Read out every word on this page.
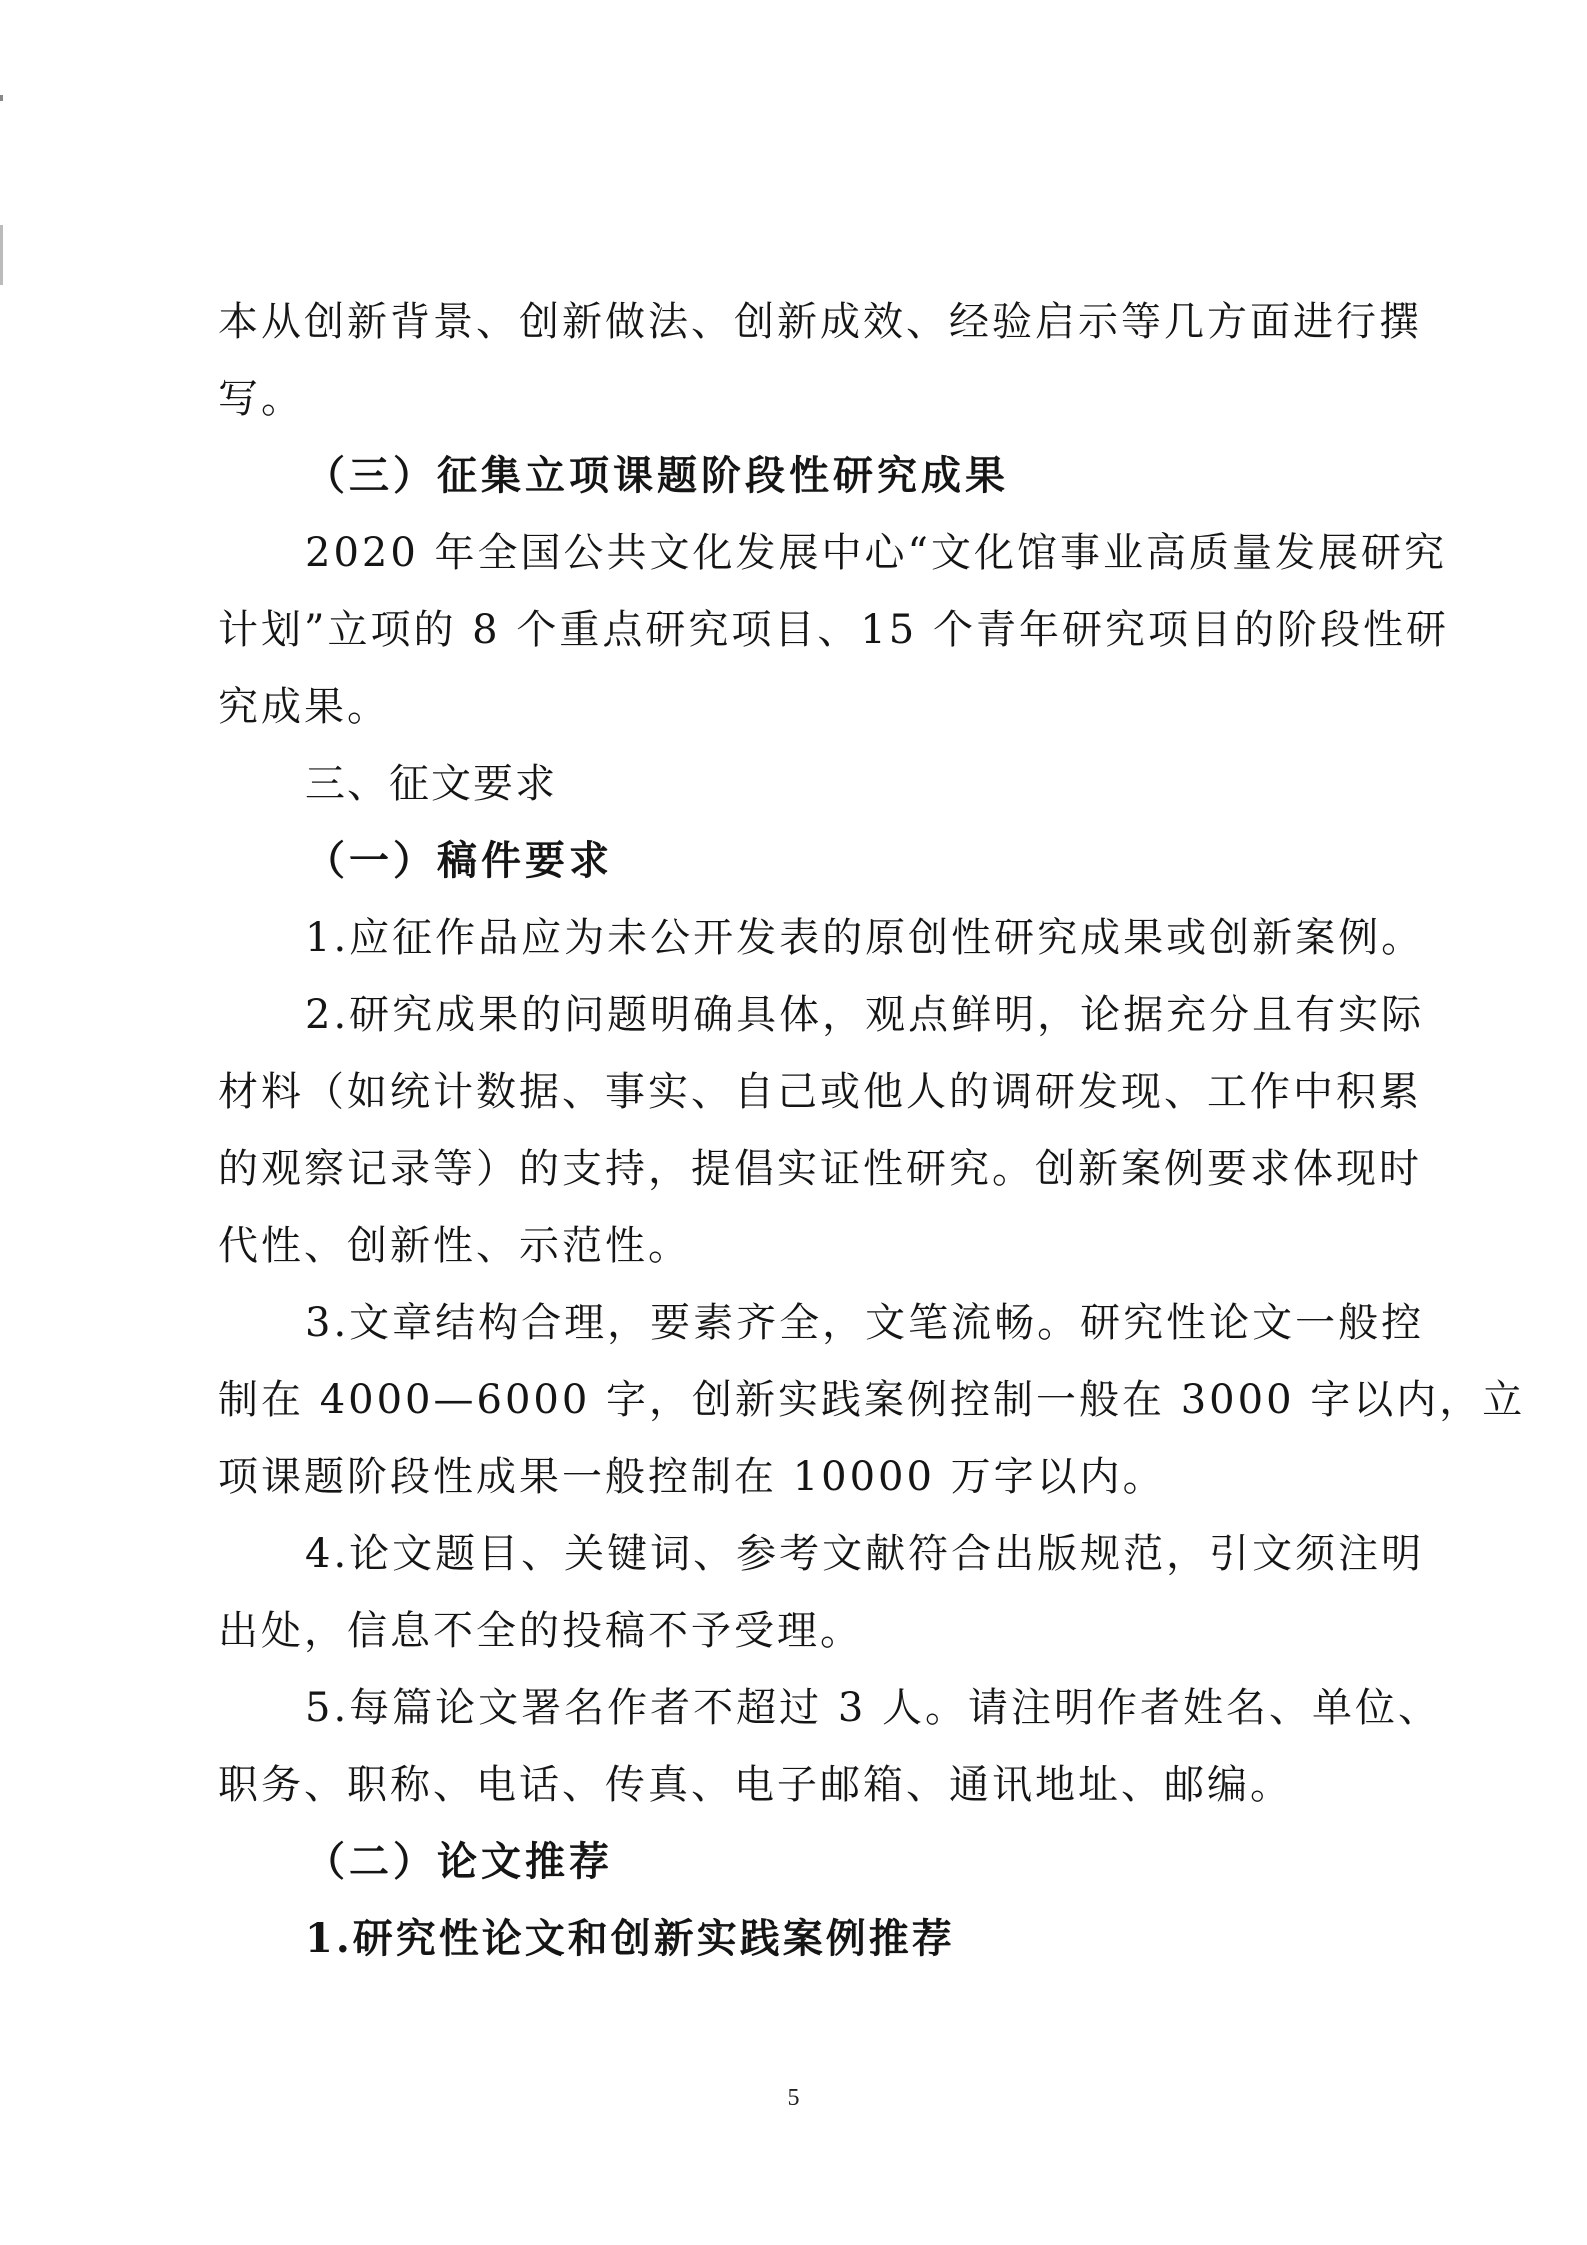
本从创新背景、创新做法、创新成效、经验启示等几方面进行撰
写。
（三）征集立项课题阶段性研究成果
2020 年全国公共文化发展中心“文化馆事业高质量发展研究
计划”立项的 8 个重点研究项目、15 个青年研究项目的阶段性研
究成果。
三、征文要求
（一）稿件要求
1.应征作品应为未公开发表的原创性研究成果或创新案例。
2.研究成果的问题明确具体，观点鲜明，论据充分且有实际
材料（如统计数据、事实、自己或他人的调研发现、工作中积累
的观察记录等）的支持，提倡实证性研究。创新案例要求体现时
代性、创新性、示范性。
3.文章结构合理，要素齐全，文笔流畅。研究性论文一般控
制在 4000—6000 字，创新实践案例控制一般在 3000 字以内，立
项课题阶段性成果一般控制在 10000 万字以内。
4.论文题目、关键词、参考文献符合出版规范，引文须注明
出处，信息不全的投稿不予受理。
5.每篇论文署名作者不超过 3 人。请注明作者姓名、单位、
职务、职称、电话、传真、电子邮箱、通讯地址、邮编。
（二）论文推荐
1.研究性论文和创新实践案例推荐
5
